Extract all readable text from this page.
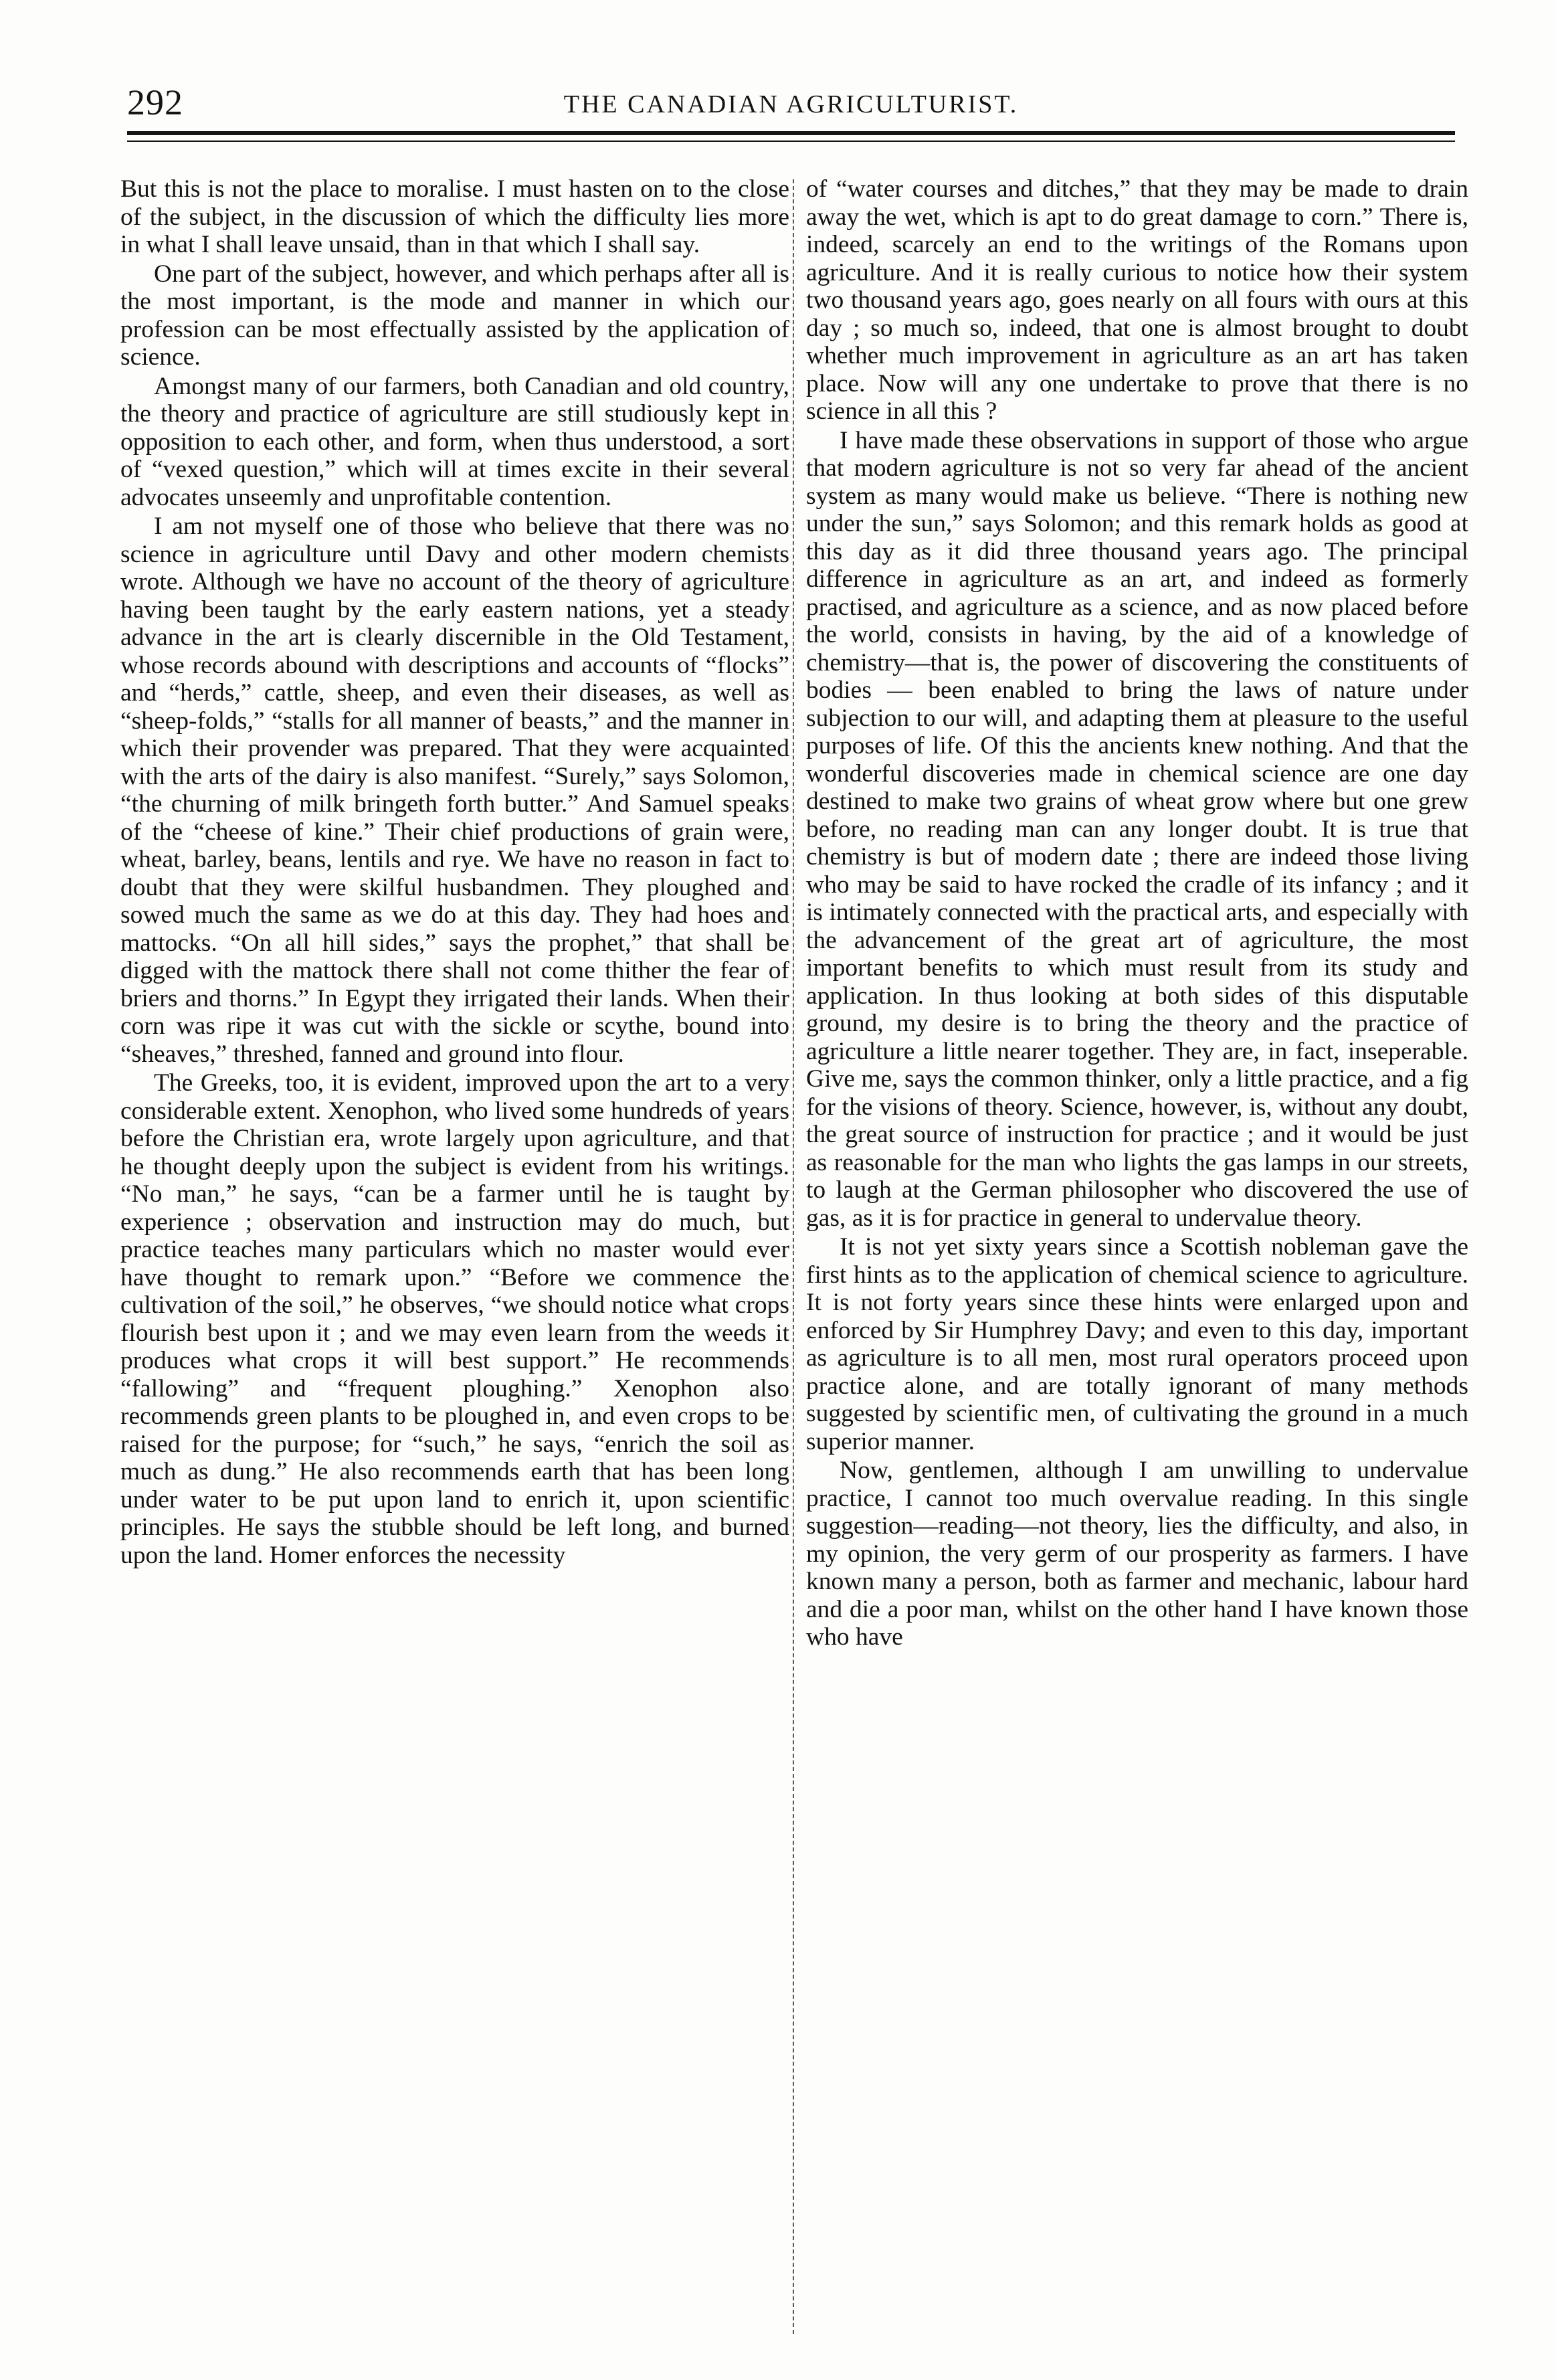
292	THE CANADIAN AGRICULTURIST.

But this is not the place to moralise. I must hasten on to the close of the subject, in the discussion of which the difficulty lies more in what I shall leave unsaid, than in that which I shall say.

One part of the subject, however, and which perhaps after all is the most important, is the mode and manner in which our profession can be most effectually assisted by the application of science.

Amongst many of our farmers, both Canadian and old country, the theory and practice of agriculture are still studiously kept in opposition to each other, and form, when thus understood, a sort of “vexed question,” which will at times excite in their several advocates unseemly and unprofitable contention.

I am not myself one of those who believe that there was no science in agriculture until Davy and other modern chemists wrote. Although we have no account of the theory of agriculture having been taught by the early eastern nations, yet a steady advance in the art is clearly discernible in the Old Testament, whose records abound with descriptions and accounts of “flocks” and “herds,” cattle, sheep, and even their diseases, as well as “sheep-folds,” “stalls for all manner of beasts,” and the manner in which their provender was prepared. That they were acquainted with the arts of the dairy is also manifest. “Surely,” says Solomon, “the churning of milk bringeth forth butter.” And Samuel speaks of the “cheese of kine.” Their chief productions of grain were, wheat, barley, beans, lentils and rye. We have no reason in fact to doubt that they were skilful husbandmen. They ploughed and sowed much the same as we do at this day. They had hoes and mattocks. “On all hill sides,” says the prophet,” that shall be digged with the mattock there shall not come thither the fear of briers and thorns.” In Egypt they irrigated their lands. When their corn was ripe it was cut with the sickle or scythe, bound into “sheaves,” threshed, fanned and ground into flour.

The Greeks, too, it is evident, improved upon the art to a very considerable extent. Xenophon, who lived some hundreds of years before the Christian era, wrote largely upon agriculture, and that he thought deeply upon the subject is evident from his writings. “No man,” he says, “can be a farmer until he is taught by experience ; observation and instruction may do much, but practice teaches many particulars which no master would ever have thought to remark upon.” “Before we commence the cultivation of the soil,” he observes, “we should notice what crops flourish best upon it ; and we may even learn from the weeds it produces what crops it will best support.” He recommends “fallowing” and “frequent ploughing.” Xenophon also recommends green plants to be ploughed in, and even crops to be raised for the purpose; for “such,” he says, “enrich the soil as much as dung.” He also recommends earth that has been long under water to be put upon land to enrich it, upon scientific principles. He says the stubble should be left long, and burned upon the land. Homer enforces the necessity

of “water courses and ditches,” that they may be made to drain away the wet, which is apt to do great damage to corn.” There is, indeed, scarcely an end to the writings of the Romans upon agriculture. And it is really curious to notice how their system two thousand years ago, goes nearly on all fours with ours at this day ; so much so, indeed, that one is almost brought to doubt whether much improvement in agriculture as an art has taken place. Now will any one undertake to prove that there is no science in all this ?

I have made these observations in support of those who argue that modern agriculture is not so very far ahead of the ancient system as many would make us believe. “There is nothing new under the sun,” says Solomon; and this remark holds as good at this day as it did three thousand years ago. The principal difference in agriculture as an art, and indeed as formerly practised, and agriculture as a science, and as now placed before the world, consists in having, by the aid of a knowledge of chemistry—that is, the power of discovering the constituents of bodies — been enabled to bring the laws of nature under subjection to our will, and adapting them at pleasure to the useful purposes of life. Of this the ancients knew nothing. And that the wonderful discoveries made in chemical science are one day destined to make two grains of wheat grow where but one grew before, no reading man can any longer doubt. It is true that chemistry is but of modern date ; there are indeed those living who may be said to have rocked the cradle of its infancy ; and it is intimately connected with the practical arts, and especially with the advancement of the great art of agriculture, the most important benefits to which must result from its study and application. In thus looking at both sides of this disputable ground, my desire is to bring the theory and the practice of agriculture a little nearer together. They are, in fact, inseperable. Give me, says the common thinker, only a little practice, and a fig for the visions of theory. Science, however, is, without any doubt, the great source of instruction for practice ; and it would be just as reasonable for the man who lights the gas lamps in our streets, to laugh at the German philosopher who discovered the use of gas, as it is for practice in general to undervalue theory.

It is not yet sixty years since a Scottish nobleman gave the first hints as to the application of chemical science to agriculture. It is not forty years since these hints were enlarged upon and enforced by Sir Humphrey Davy; and even to this day, important as agriculture is to all men, most rural operators proceed upon practice alone, and are totally ignorant of many methods suggested by scientific men, of cultivating the ground in a much superior manner.

Now, gentlemen, although I am unwilling to undervalue practice, I cannot too much overvalue reading. In this single suggestion—reading—not theory, lies the difficulty, and also, in my opinion, the very germ of our prosperity as farmers. I have known many a person, both as farmer and mechanic, labour hard and die a poor man, whilst on the other hand I have known those who have
